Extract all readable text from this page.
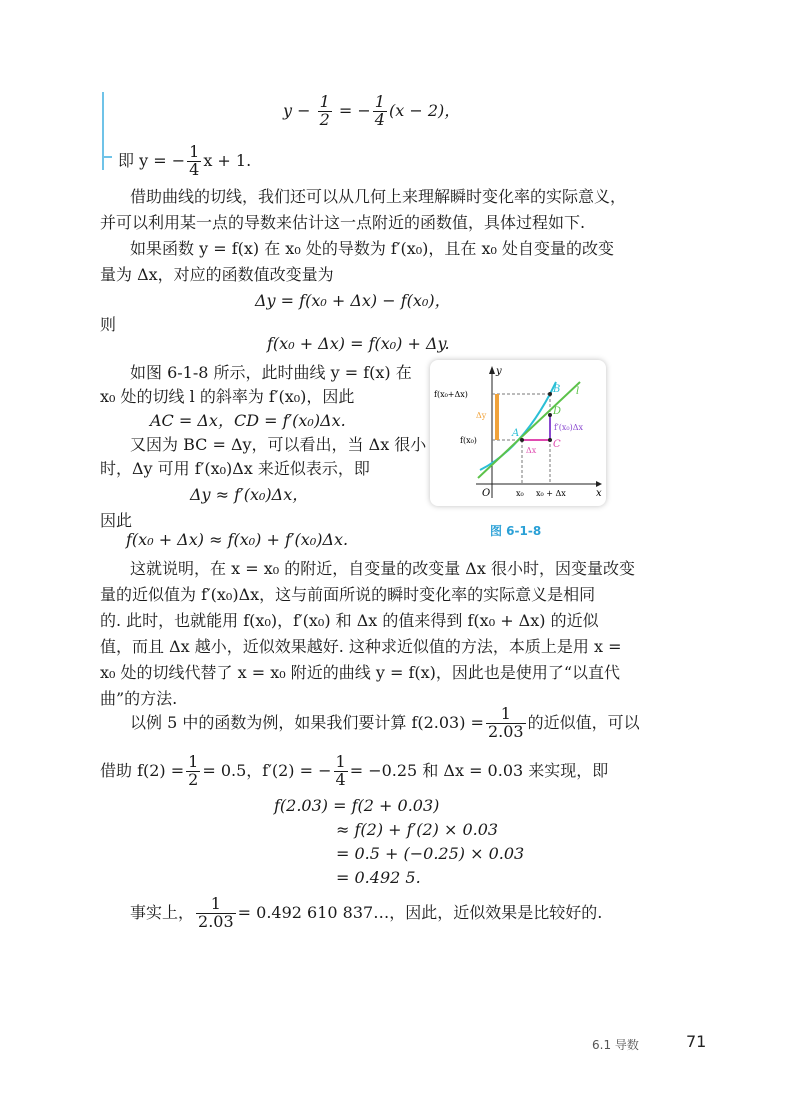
$y - \frac{1}{2}$ = − $\frac{1}{4} (x - 2)$，
即 y = − $\frac{1}{4}$ x + 1.
借助曲线的切线，我们还可以从几何上来理解瞬时变化率的实际意义，
并可以利用某一点的导数来估计这一点附近的函数值，具体过程如下.
如果函数 y = f(x) 在 x₀ 处的导数为 f′(x₀)，且在 x₀ 处自变量的改变
量为 Δx，对应的函数值改变量为
Δy = f(x₀ + Δx) − f(x₀)，
则
f(x₀ + Δx) = f(x₀) + Δy.
如图 6-1-8 所示，此时曲线 y = f(x) 在
x₀ 处的切线 l 的斜率为 f′(x₀)，因此
AC = Δx，CD = f′(x₀)Δx.
又因为 BC = Δy，可以看出，当 Δx 很小
时，Δy 可用 f′(x₀)Δx 来近似表示，即
Δy ≈ f′(x₀)Δx，
因此
f(x₀ + Δx) ≈ f(x₀) + f′(x₀)Δx.
y
x
O
B l
D
A
C
f(x₀+Δx)
f(x₀)
Δy
f′(x₀)Δx
Δx
x₀ x₀ + Δx
图 6-1-8
这就说明，在 x = x₀ 的附近，自变量的改变量 Δx 很小时，因变量改变
量的近似值为 f′(x₀)Δx，这与前面所说的瞬时变化率的实际意义是相同
的. 此时，也就能用 f(x₀)，f′(x₀) 和 Δx 的值来得到 f(x₀ + Δx) 的近似
值，而且 Δx 越小，近似效果越好. 这种求近似值的方法，本质上是用 x =
x₀ 处的切线代替了 x = x₀ 附近的曲线 y = f(x)，因此也是使用了“以直代
曲”的方法.
以例 5 中的函数为例，如果我们要计算 $f(2.03) = \frac{1}{2.03}$ 的近似值，可以
借助 $f(2) = \frac{1}{2} = 0.5$，f′(2) = − $\frac{1}{4} = -0.25$ 和 Δx = 0.03 来实现，即
f(2.03) = f(2 + 0.03)
≈ f(2) + f′(2) × 0.03
= 0.5 + (−0.25) × 0.03
= 0.492 5.
事实上， $\frac{1}{2.03} = 0.492$ 610 837…，因此，近似效果是比较好的.
6.1 导数	71
